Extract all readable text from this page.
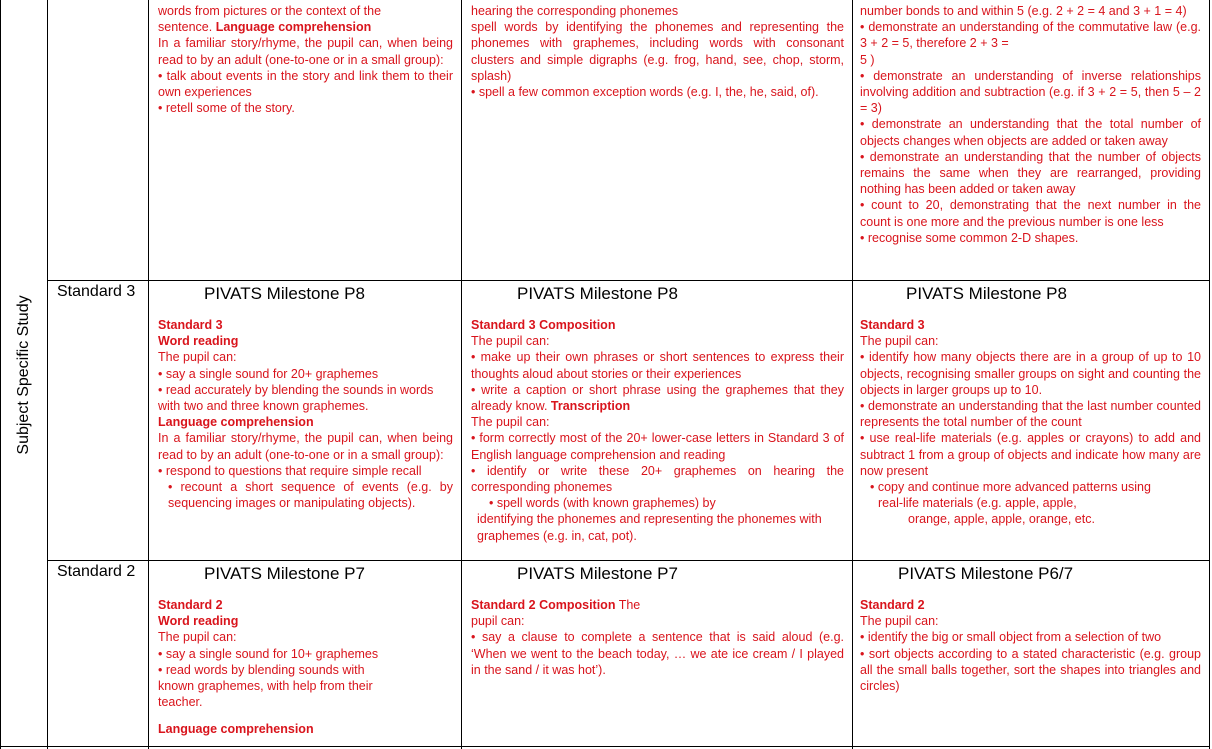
Subject Specific Study

words from pictures or the context of the

sentence. Language comprehension

In a familiar story/rhyme, the pupil can, when being read to by an adult (one-to-one or in a small group):

• talk about events in the story and link them to their own experiences

• retell some of the story.

hearing the corresponding phonemes

spell words by identifying the phonemes and representing the phonemes with graphemes, including words with consonant clusters and simple digraphs (e.g. frog, hand, see, chop, storm, splash)

• spell a few common exception words (e.g. I, the, he, said, of).

number bonds to and within 5 (e.g. 2 + 2 = 4 and 3 + 1 = 4)

• demonstrate an understanding of the commutative law (e.g. 3 + 2 = 5, therefore 2 + 3 =

5 )

• demonstrate an understanding of inverse relationships involving addition and subtraction (e.g. if 3 + 2 = 5, then 5 – 2 = 3)

• demonstrate an understanding that the total number of objects changes when objects are added or taken away

• demonstrate an understanding that the number of objects remains the same when they are rearranged, providing nothing has been added or taken away

• count to 20, demonstrating that the next number in the count is one more and the previous number is one less

• recognise some common 2-D shapes.

Standard 3	PIVATS Milestone P8

Standard 3

Word reading

The pupil can:

• say a single sound for 20+ graphemes

• read accurately by blending the sounds in words with two and three known graphemes.

Language comprehension

In a familiar story/rhyme, the pupil can, when being read to by an adult (one-to-one or in a small group):

• respond to questions that require simple recall

• recount a short sequence of events (e.g. by sequencing images or manipulating objects).

PIVATS Milestone P8

Standard 3 Composition

The pupil can:

• make up their own phrases or short sentences to express their thoughts aloud about stories or their experiences

• write a caption or short phrase using the graphemes that they already know. Transcription

The pupil can:

• form correctly most of the 20+ lower-case letters in Standard 3 of English language comprehension and reading

• identify or write these 20+ graphemes on hearing the corresponding phonemes

• spell words (with known graphemes) by

identifying the phonemes and representing the phonemes with graphemes (e.g. in, cat, pot).

PIVATS Milestone P8

Standard 3

The pupil can:

• identify how many objects there are in a group of up to 10 objects, recognising smaller groups on sight and counting the objects in larger groups up to 10.

• demonstrate an understanding that the last number counted represents the total number of the count

• use real-life materials (e.g. apples or crayons) to add and subtract 1 from a group of objects and indicate how many are now present

• copy and continue more advanced patterns using

real-life materials (e.g. apple, apple,

orange, apple, apple, orange, etc.

Standard 2	PIVATS Milestone P7

Standard 2

Word reading

The pupil can:

• say a single sound for 10+ graphemes

• read words by blending sounds with

known graphemes, with help from their

teacher.

Language comprehension

PIVATS Milestone P7

Standard 2 Composition The

pupil can:

• say a clause to complete a sentence that is said aloud (e.g. ‘When we went to the beach today, … we ate ice cream / I played in the sand / it was hot’).

PIVATS Milestone P6/7

Standard 2

The pupil can:

• identify the big or small object from a selection of two

• sort objects according to a stated characteristic (e.g. group all the small balls together, sort the shapes into triangles and circles)
